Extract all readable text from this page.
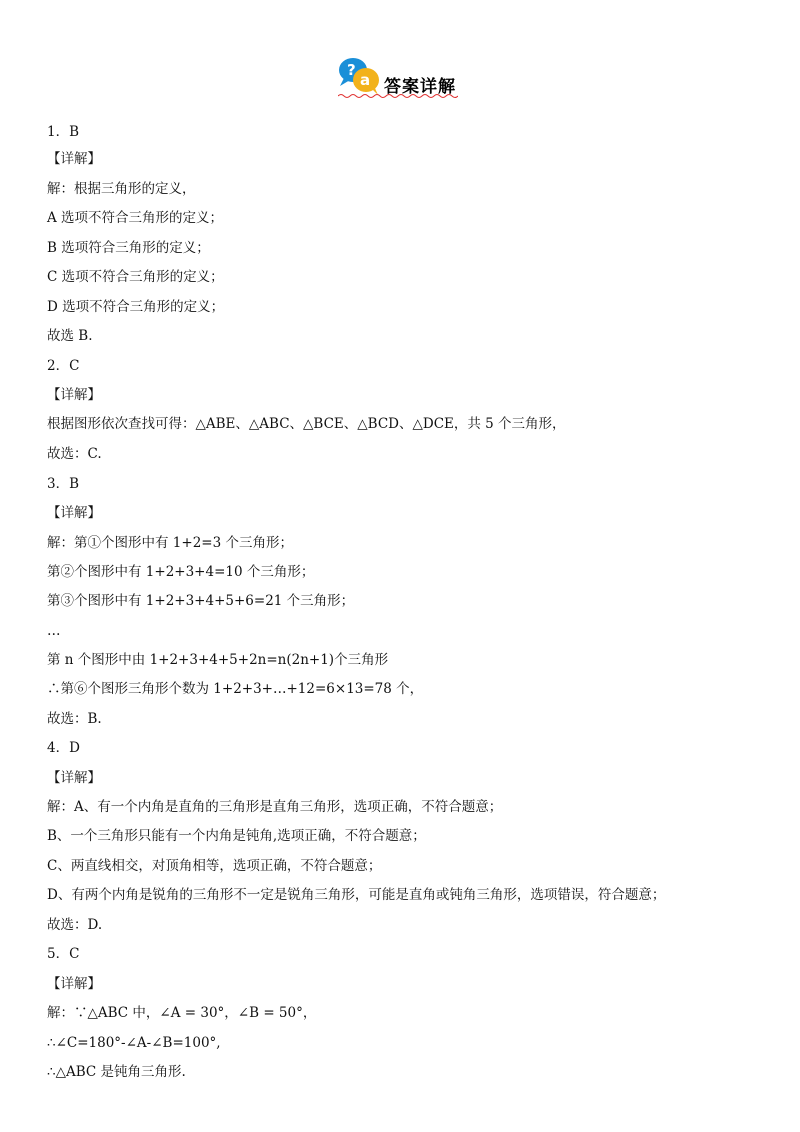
?
a 答案详解
1．B
【详解】
解：根据三角形的定义，
A 选项不符合三角形的定义；
B 选项符合三角形的定义；
C 选项不符合三角形的定义；
D 选项不符合三角形的定义；
故选 B.
2．C
【详解】
根据图形依次查找可得：△ABE、△ABC、△BCE、△BCD、△DCE，共 5 个三角形，
故选：C.
3．B
【详解】
解：第①个图形中有 1+2=3 个三角形；
第②个图形中有 1+2+3+4=10 个三角形；
第③个图形中有 1+2+3+4+5+6=21 个三角形；
…
第 n 个图形中由 1+2+3+4+5+2n=n(2n+1)个三角形
∴第⑥个图形三角形个数为 1+2+3+…+12=6×13=78 个，
故选：B.
4．D
【详解】
解：A、有一个内角是直角的三角形是直角三角形，选项正确，不符合题意；
B、一个三角形只能有一个内角是钝角,选项正确，不符合题意；
C、两直线相交，对顶角相等，选项正确，不符合题意；
D、有两个内角是锐角的三角形不一定是锐角三角形，可能是直角或钝角三角形，选项错误，符合题意；
故选：D.
5．C
【详解】
解：∵△ABC 中，∠A = 30°，∠B = 50°，
∴∠C=180°-∠A-∠B=100°,
∴△ABC 是钝角三角形.
